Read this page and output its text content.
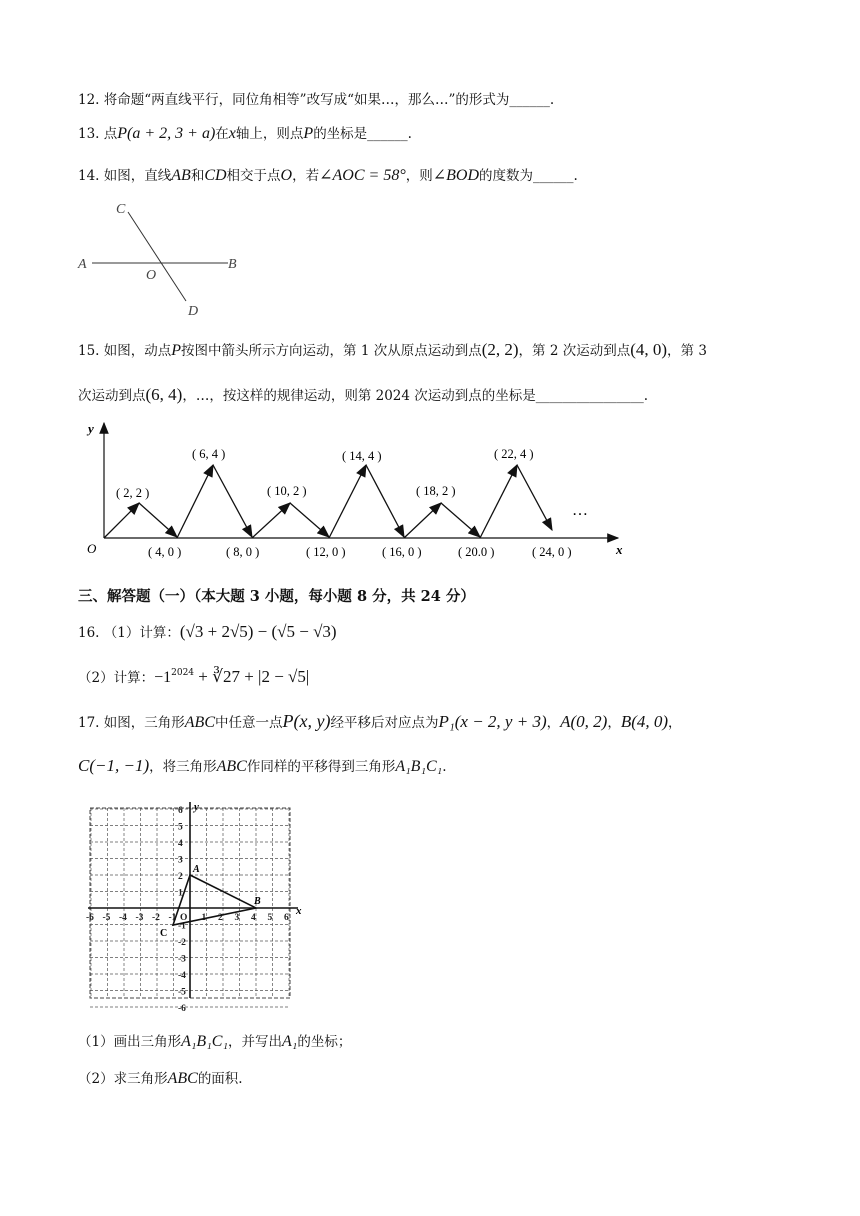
12. 将命题“两直线平行，同位角相等”改写成“如果…，那么…”的形式为______.
13. 点P(a + 2, 3 + a)在x轴上，则点P的坐标是______.
14. 如图，直线AB和CD相交于点O，若∠AOC = 58°，则∠BOD的度数为______.
C
A
O
B
D
15. 如图，动点P按图中箭头所示方向运动，第 1 次从原点运动到点(2, 2)，第 2 次运动到点(4, 0)，第 3
次运动到点(6, 4)，…，按这样的规律运动，则第 2024 次运动到点的坐标是________________.
y
x
O
…
( 2, 2 )
( 6, 4 )
( 10, 2 )
( 14, 4 )
( 18, 2 )
( 22, 4 )
( 4, 0 )	( 8, 0 )	( 12, 0 )	( 16, 0 )	( 20.0 )	( 24, 0 )
三、解答题（一）（本大题 3 小题，每小题 8 分，共 24 分）
16. （1）计算：(√3 + 2√5) − (√5 − √3)
（2）计算：$-1^{2024}$ + ∛27 + |2 − √5|
17. 如图，三角形ABC中任意一点P(x, y)经平移后对应点为P₁(x − 2, y + 3)，A(0, 2)，B(4, 0)，
C(−1, −1)，将三角形ABC作同样的平移得到三角形A₁B₁C₁.
x
y
-6
-6
-5
-5
-4
-4
-3
-3
-2
-2
-1
-1
1
1
2
2
3
3
4
4
5
5
6
6
O
A
B
C
（1）画出三角形A₁B₁C₁，并写出A₁的坐标；
（2）求三角形ABC的面积.
